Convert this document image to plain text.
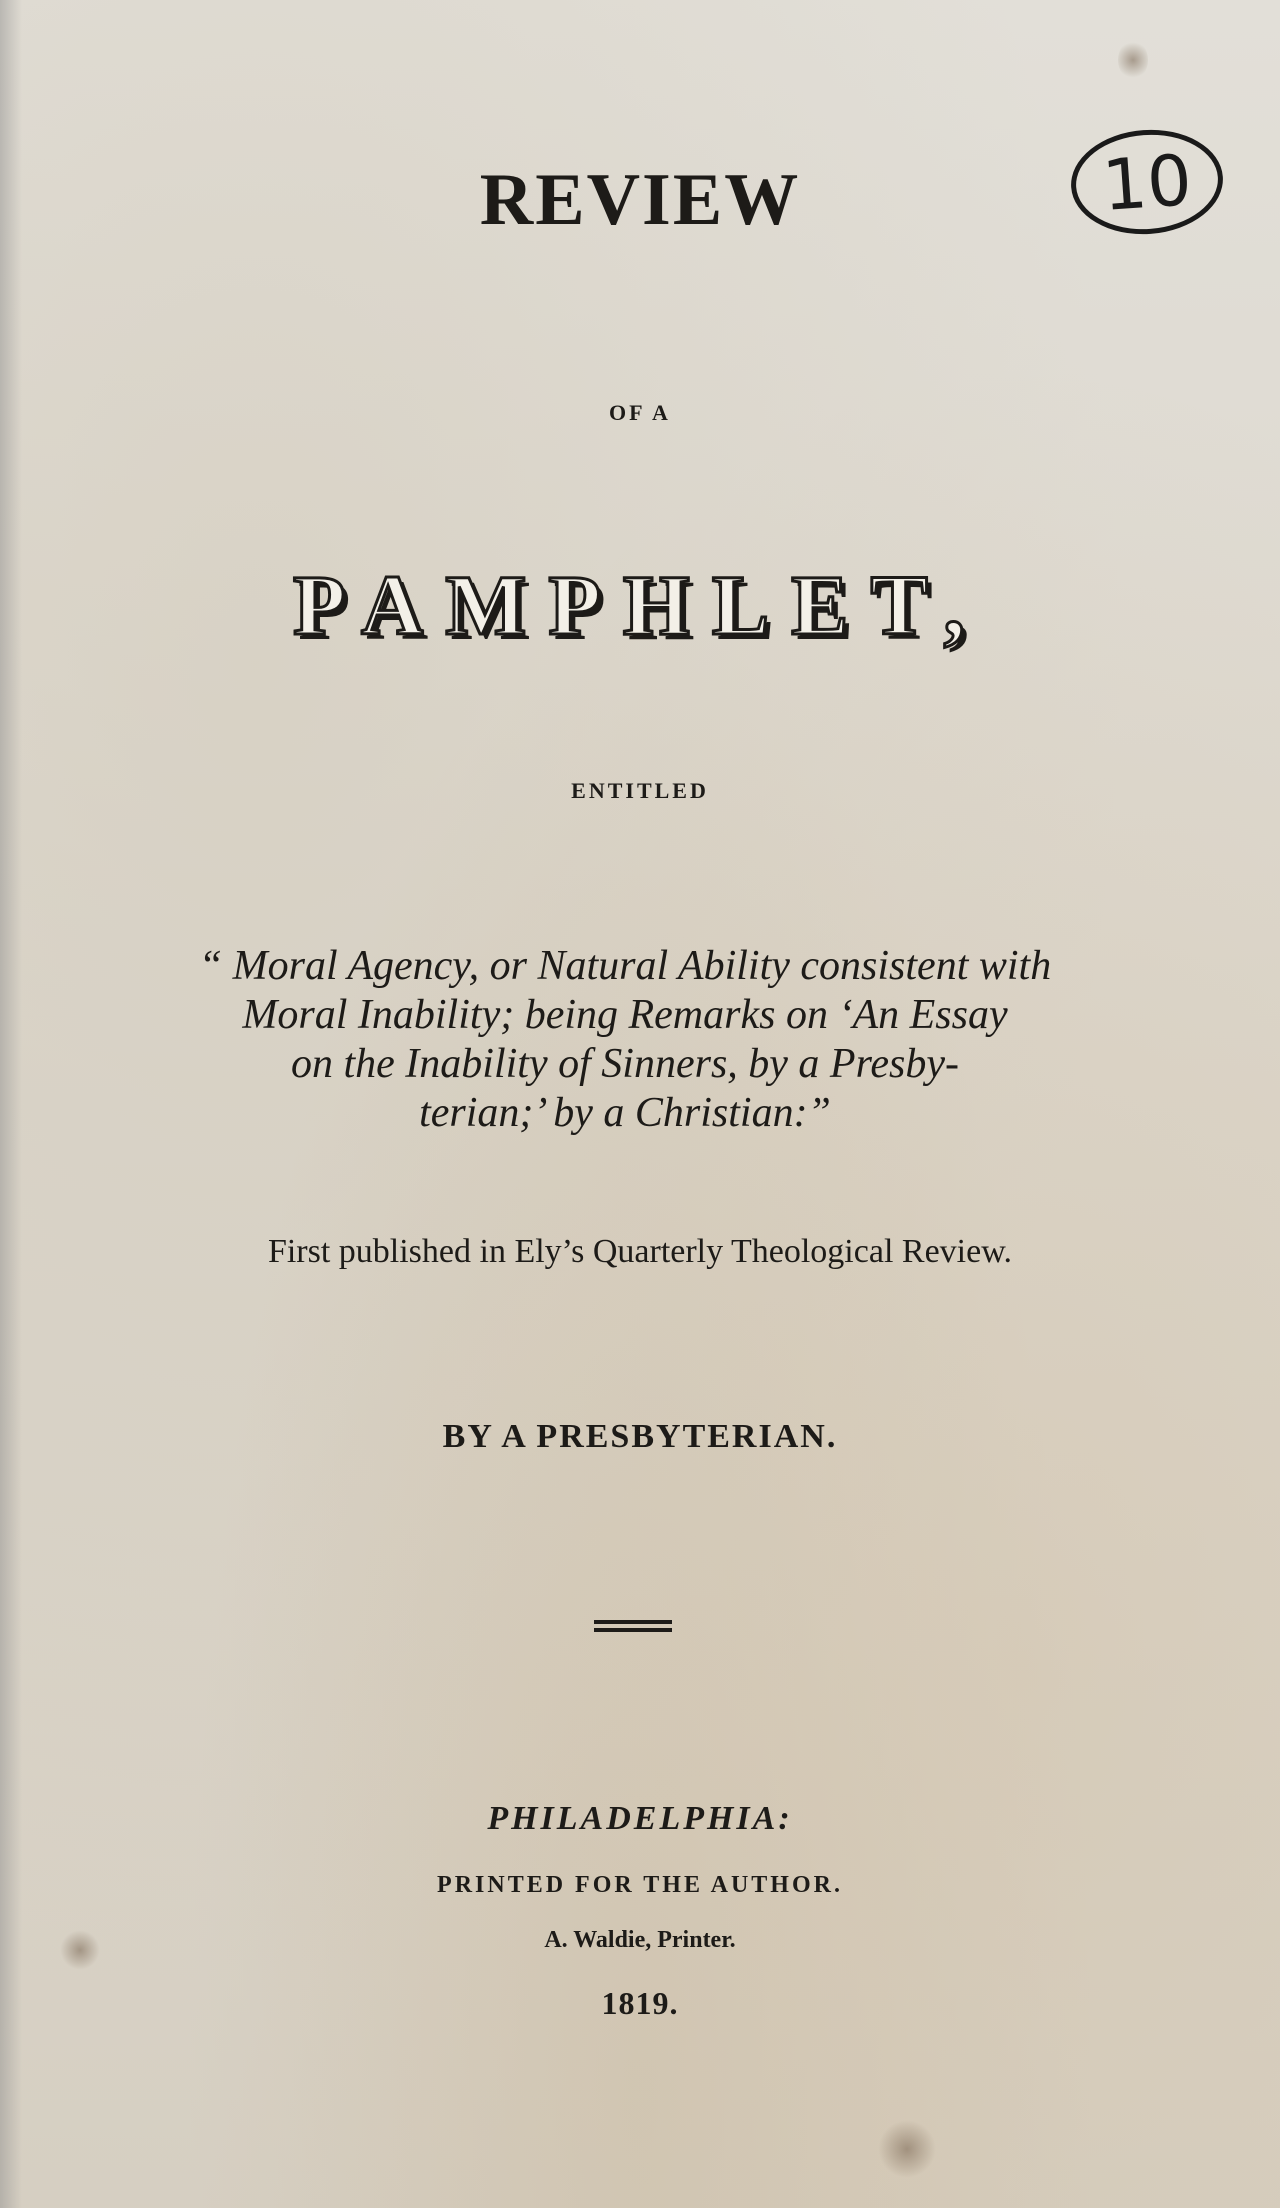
10
REVIEW
OF A
PAMPHLET,
ENTITLED
“ Moral Agency, or Natural Ability consistent with
Moral Inability; being Remarks on ‘An Essay
on the Inability of Sinners, by a Presby-
terian;’ by a Christian:”
First published in Ely’s Quarterly Theological Review.
BY A PRESBYTERIAN.
PHILADELPHIA:
PRINTED FOR THE AUTHOR.
A. Waldie, Printer.
1819.
